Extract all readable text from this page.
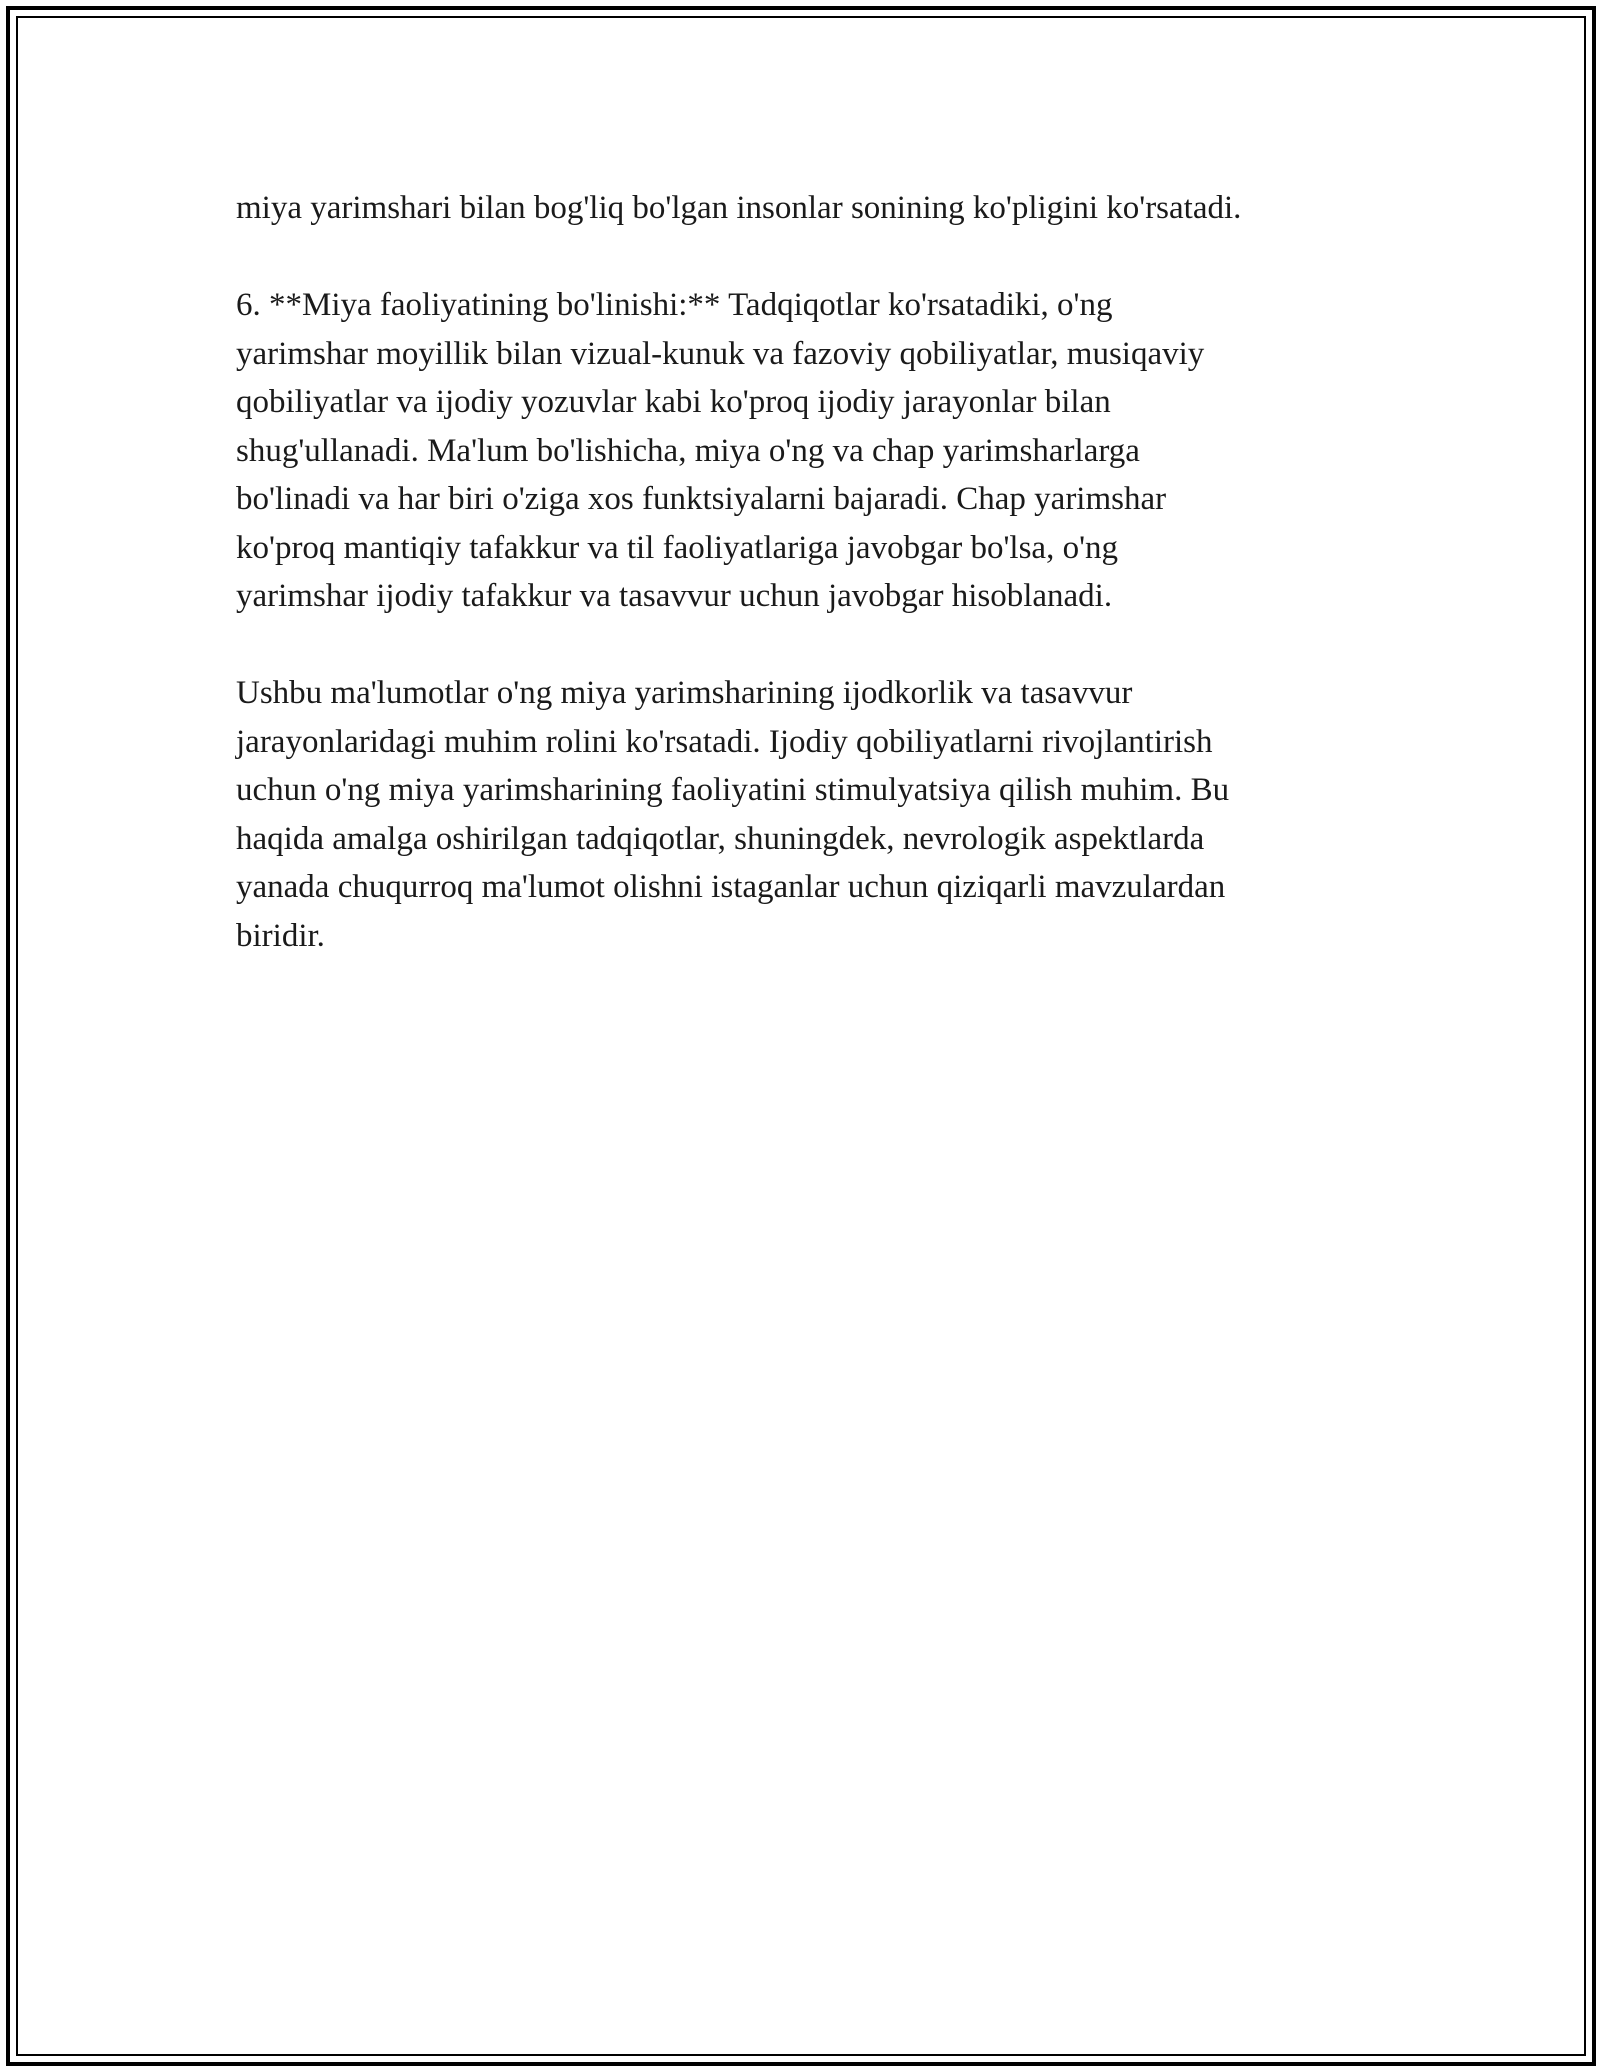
miya yarimshari bilan bog'liq bo'lgan insonlar sonining ko'pligini ko'rsatadi.

6. **Miya faoliyatining bo'linishi:** Tadqiqotlar ko'rsatadiki, o'ng
yarimshar moyillik bilan vizual-kunuk va fazoviy qobiliyatlar, musiqaviy
qobiliyatlar va ijodiy yozuvlar kabi ko'proq ijodiy jarayonlar bilan
shug'ullanadi. Ma'lum bo'lishicha, miya o'ng va chap yarimsharlarga
bo'linadi va har biri o'ziga xos funktsiyalarni bajaradi. Chap yarimshar
ko'proq mantiqiy tafakkur va til faoliyatlariga javobgar bo'lsa, o'ng
yarimshar ijodiy tafakkur va tasavvur uchun javobgar hisoblanadi.

Ushbu ma'lumotlar o'ng miya yarimsharining ijodkorlik va tasavvur
jarayonlaridagi muhim rolini ko'rsatadi. Ijodiy qobiliyatlarni rivojlantirish
uchun o'ng miya yarimsharining faoliyatini stimulyatsiya qilish muhim. Bu
haqida amalga oshirilgan tadqiqotlar, shuningdek, nevrologik aspektlarda
yanada chuqurroq ma'lumot olishni istaganlar uchun qiziqarli mavzulardan
biridir.
